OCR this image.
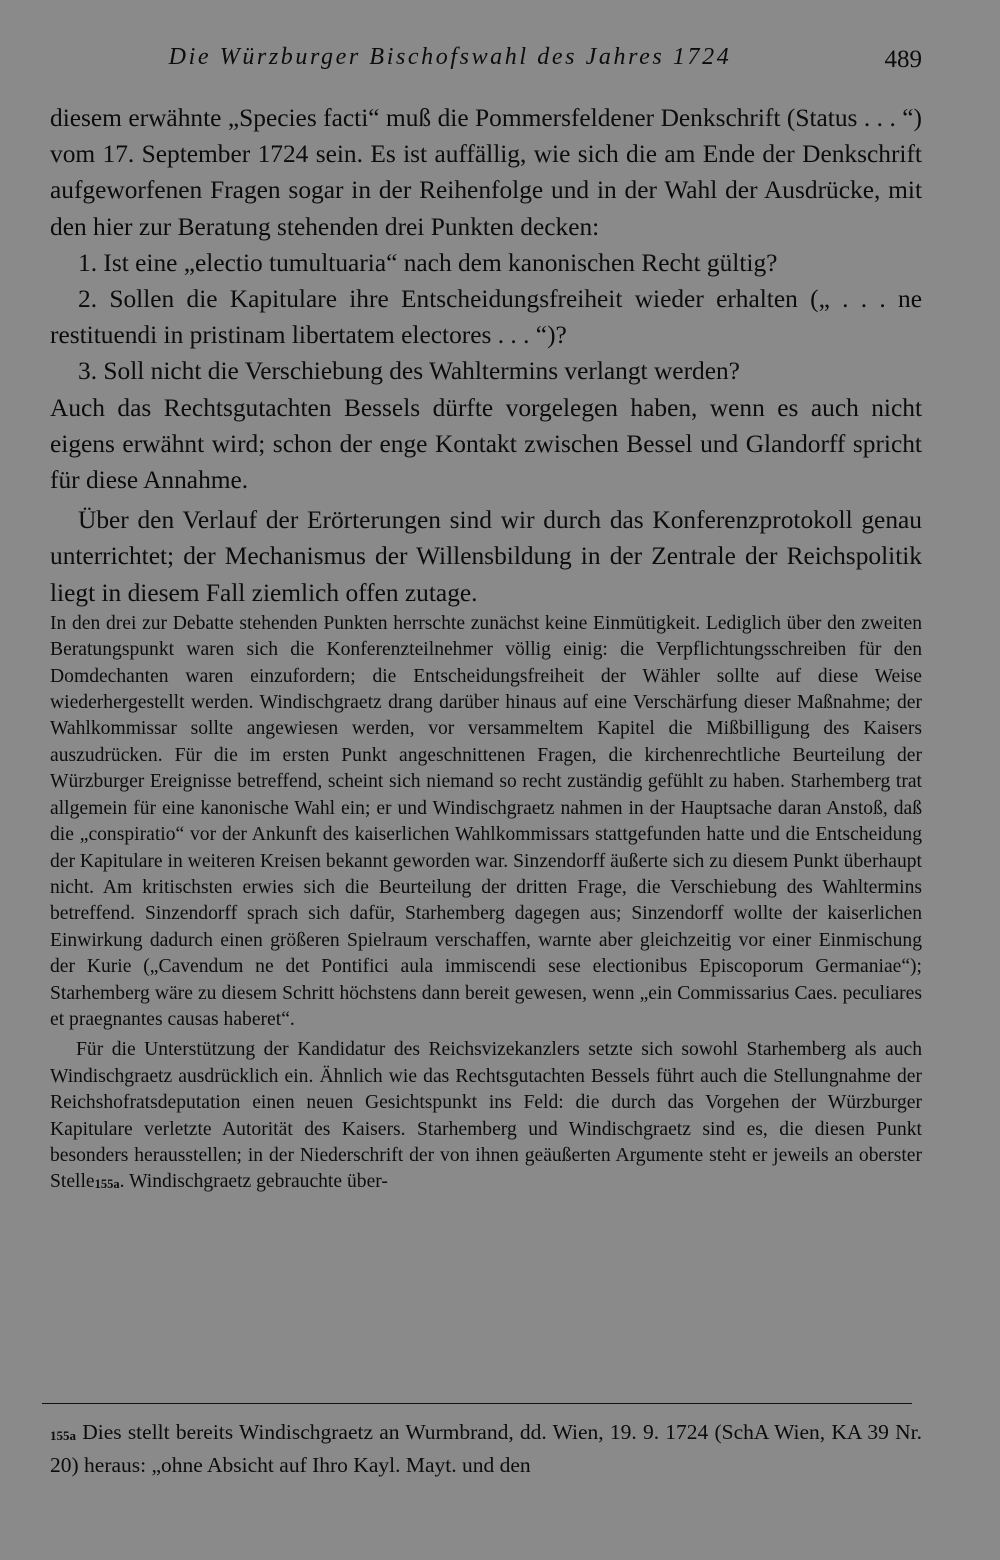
Die Würzburger Bischofswahl des Jahres 1724	489

diesem erwähnte „Species facti“ muß die Pommersfeldener Denkschrift (Status . . . “) vom 17. September 1724 sein. Es ist auffällig, wie sich die am Ende der Denkschrift aufgeworfenen Fragen sogar in der Reihenfolge und in der Wahl der Ausdrücke, mit den hier zur Beratung stehenden drei Punkten decken:

1. Ist eine „electio tumultuaria“ nach dem kanonischen Recht gültig?

2. Sollen die Kapitulare ihre Entscheidungsfreiheit wieder erhalten („ . . . ne restituendi in pristinam libertatem electores . . . “)?

3. Soll nicht die Verschiebung des Wahltermins verlangt werden?

Auch das Rechtsgutachten Bessels dürfte vorgelegen haben, wenn es auch nicht eigens erwähnt wird; schon der enge Kontakt zwischen Bessel und Glandorff spricht für diese Annahme.

Über den Verlauf der Erörterungen sind wir durch das Konferenzprotokoll genau unterrichtet; der Mechanismus der Willensbildung in der Zentrale der Reichspolitik liegt in diesem Fall ziemlich offen zutage.

In den drei zur Debatte stehenden Punkten herrschte zunächst keine Einmütigkeit. Lediglich über den zweiten Beratungspunkt waren sich die Konferenzteilnehmer völlig einig: die Verpflichtungsschreiben für den Domdechanten waren einzufordern; die Entscheidungsfreiheit der Wähler sollte auf diese Weise wiederhergestellt werden. Windischgraetz drang darüber hinaus auf eine Verschärfung dieser Maßnahme; der Wahlkommissar sollte angewiesen werden, vor versammeltem Kapitel die Mißbilligung des Kaisers auszudrücken. Für die im ersten Punkt angeschnittenen Fragen, die kirchenrechtliche Beurteilung der Würzburger Ereignisse betreffend, scheint sich niemand so recht zuständig gefühlt zu haben. Starhemberg trat allgemein für eine kanonische Wahl ein; er und Windischgraetz nahmen in der Hauptsache daran Anstoß, daß die „conspiratio“ vor der Ankunft des kaiserlichen Wahlkommissars stattgefunden hatte und die Entscheidung der Kapitulare in weiteren Kreisen bekannt geworden war. Sinzendorff äußerte sich zu diesem Punkt überhaupt nicht. Am kritischsten erwies sich die Beurteilung der dritten Frage, die Verschiebung des Wahltermins betreffend. Sinzendorff sprach sich dafür, Starhemberg dagegen aus; Sinzendorff wollte der kaiserlichen Einwirkung dadurch einen größeren Spielraum verschaffen, warnte aber gleichzeitig vor einer Einmischung der Kurie („Cavendum ne det Pontifici aula immiscendi sese electionibus Episcoporum Germaniae“); Starhemberg wäre zu diesem Schritt höchstens dann bereit gewesen, wenn „ein Commissarius Caes. peculiares et praegnantes causas haberet“.

Für die Unterstützung der Kandidatur des Reichsvizekanzlers setzte sich sowohl Starhemberg als auch Windischgraetz ausdrücklich ein. Ähnlich wie das Rechtsgutachten Bessels führt auch die Stellungnahme der Reichshofratsdeputation einen neuen Gesichtspunkt ins Feld: die durch das Vorgehen der Würzburger Kapitulare verletzte Autorität des Kaisers. Starhemberg und Windischgraetz sind es, die diesen Punkt besonders herausstellen; in der Niederschrift der von ihnen geäußerten Argumente steht er jeweils an oberster Stelle$^{155a}$. Windischgraetz gebrauchte über-

$^{155a}$ Dies stellt bereits Windischgraetz an Wurmbrand, dd. Wien, 19. 9. 1724 (SchA Wien, KA 39 Nr. 20) heraus: „ohne Absicht auf Ihro Kayl. Mayt. und den
